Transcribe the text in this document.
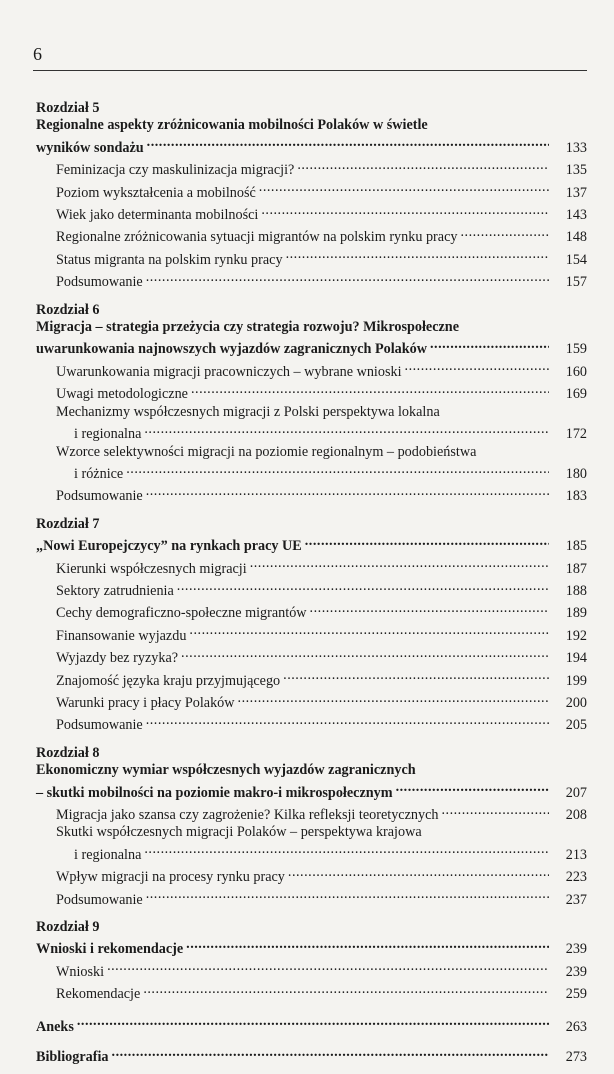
6
Rozdział 5
Regionalne aspekty zróżnicowania mobilności Polaków w świetle
wyników sondażu .....	133
Feminizacja czy maskulinizacja migracji? .....	135
Poziom wykształcenia a mobilność .....	137
Wiek jako determinanta mobilności .....	143
Regionalne zróżnicowania sytuacji migrantów na polskim rynku pracy .....	148
Status migranta na polskim rynku pracy .....	154
Podsumowanie .....	157
Rozdział 6
Migracja – strategia przeżycia czy strategia rozwoju? Mikrospołeczne
uwarunkowania najnowszych wyjazdów zagranicznych Polaków .....	159
Uwarunkowania migracji pracowniczych – wybrane wnioski .....	160
Uwagi metodologiczne .....	169
Mechanizmy współczesnych migracji z Polski perspektywa lokalna
i regionalna .....	172
Wzorce selektywności migracji na poziomie regionalnym – podobieństwa
i różnice .....	180
Podsumowanie .....	183
Rozdział 7
„Nowi Europejczycy” na rynkach pracy UE .....	185
Kierunki współczesnych migracji .....	187
Sektory zatrudnienia .....	188
Cechy demograficzno-społeczne migrantów .....	189
Finansowanie wyjazdu .....	192
Wyjazdy bez ryzyka? .....	194
Znajomość języka kraju przyjmującego .....	199
Warunki pracy i płacy Polaków .....	200
Podsumowanie .....	205
Rozdział 8
Ekonomiczny wymiar współczesnych wyjazdów zagranicznych
– skutki mobilności na poziomie makro-i mikrospołecznym .....	207
Migracja jako szansa czy zagrożenie? Kilka refleksji teoretycznych .....	208
Skutki współczesnych migracji Polaków – perspektywa krajowa
i regionalna .....	213
Wpływ migracji na procesy rynku pracy .....	223
Podsumowanie .....	237
Rozdział 9
Wnioski i rekomendacje .....	239
Wnioski .....	239
Rekomendacje .....	259
Aneks .....	263
Bibliografia .....	273
